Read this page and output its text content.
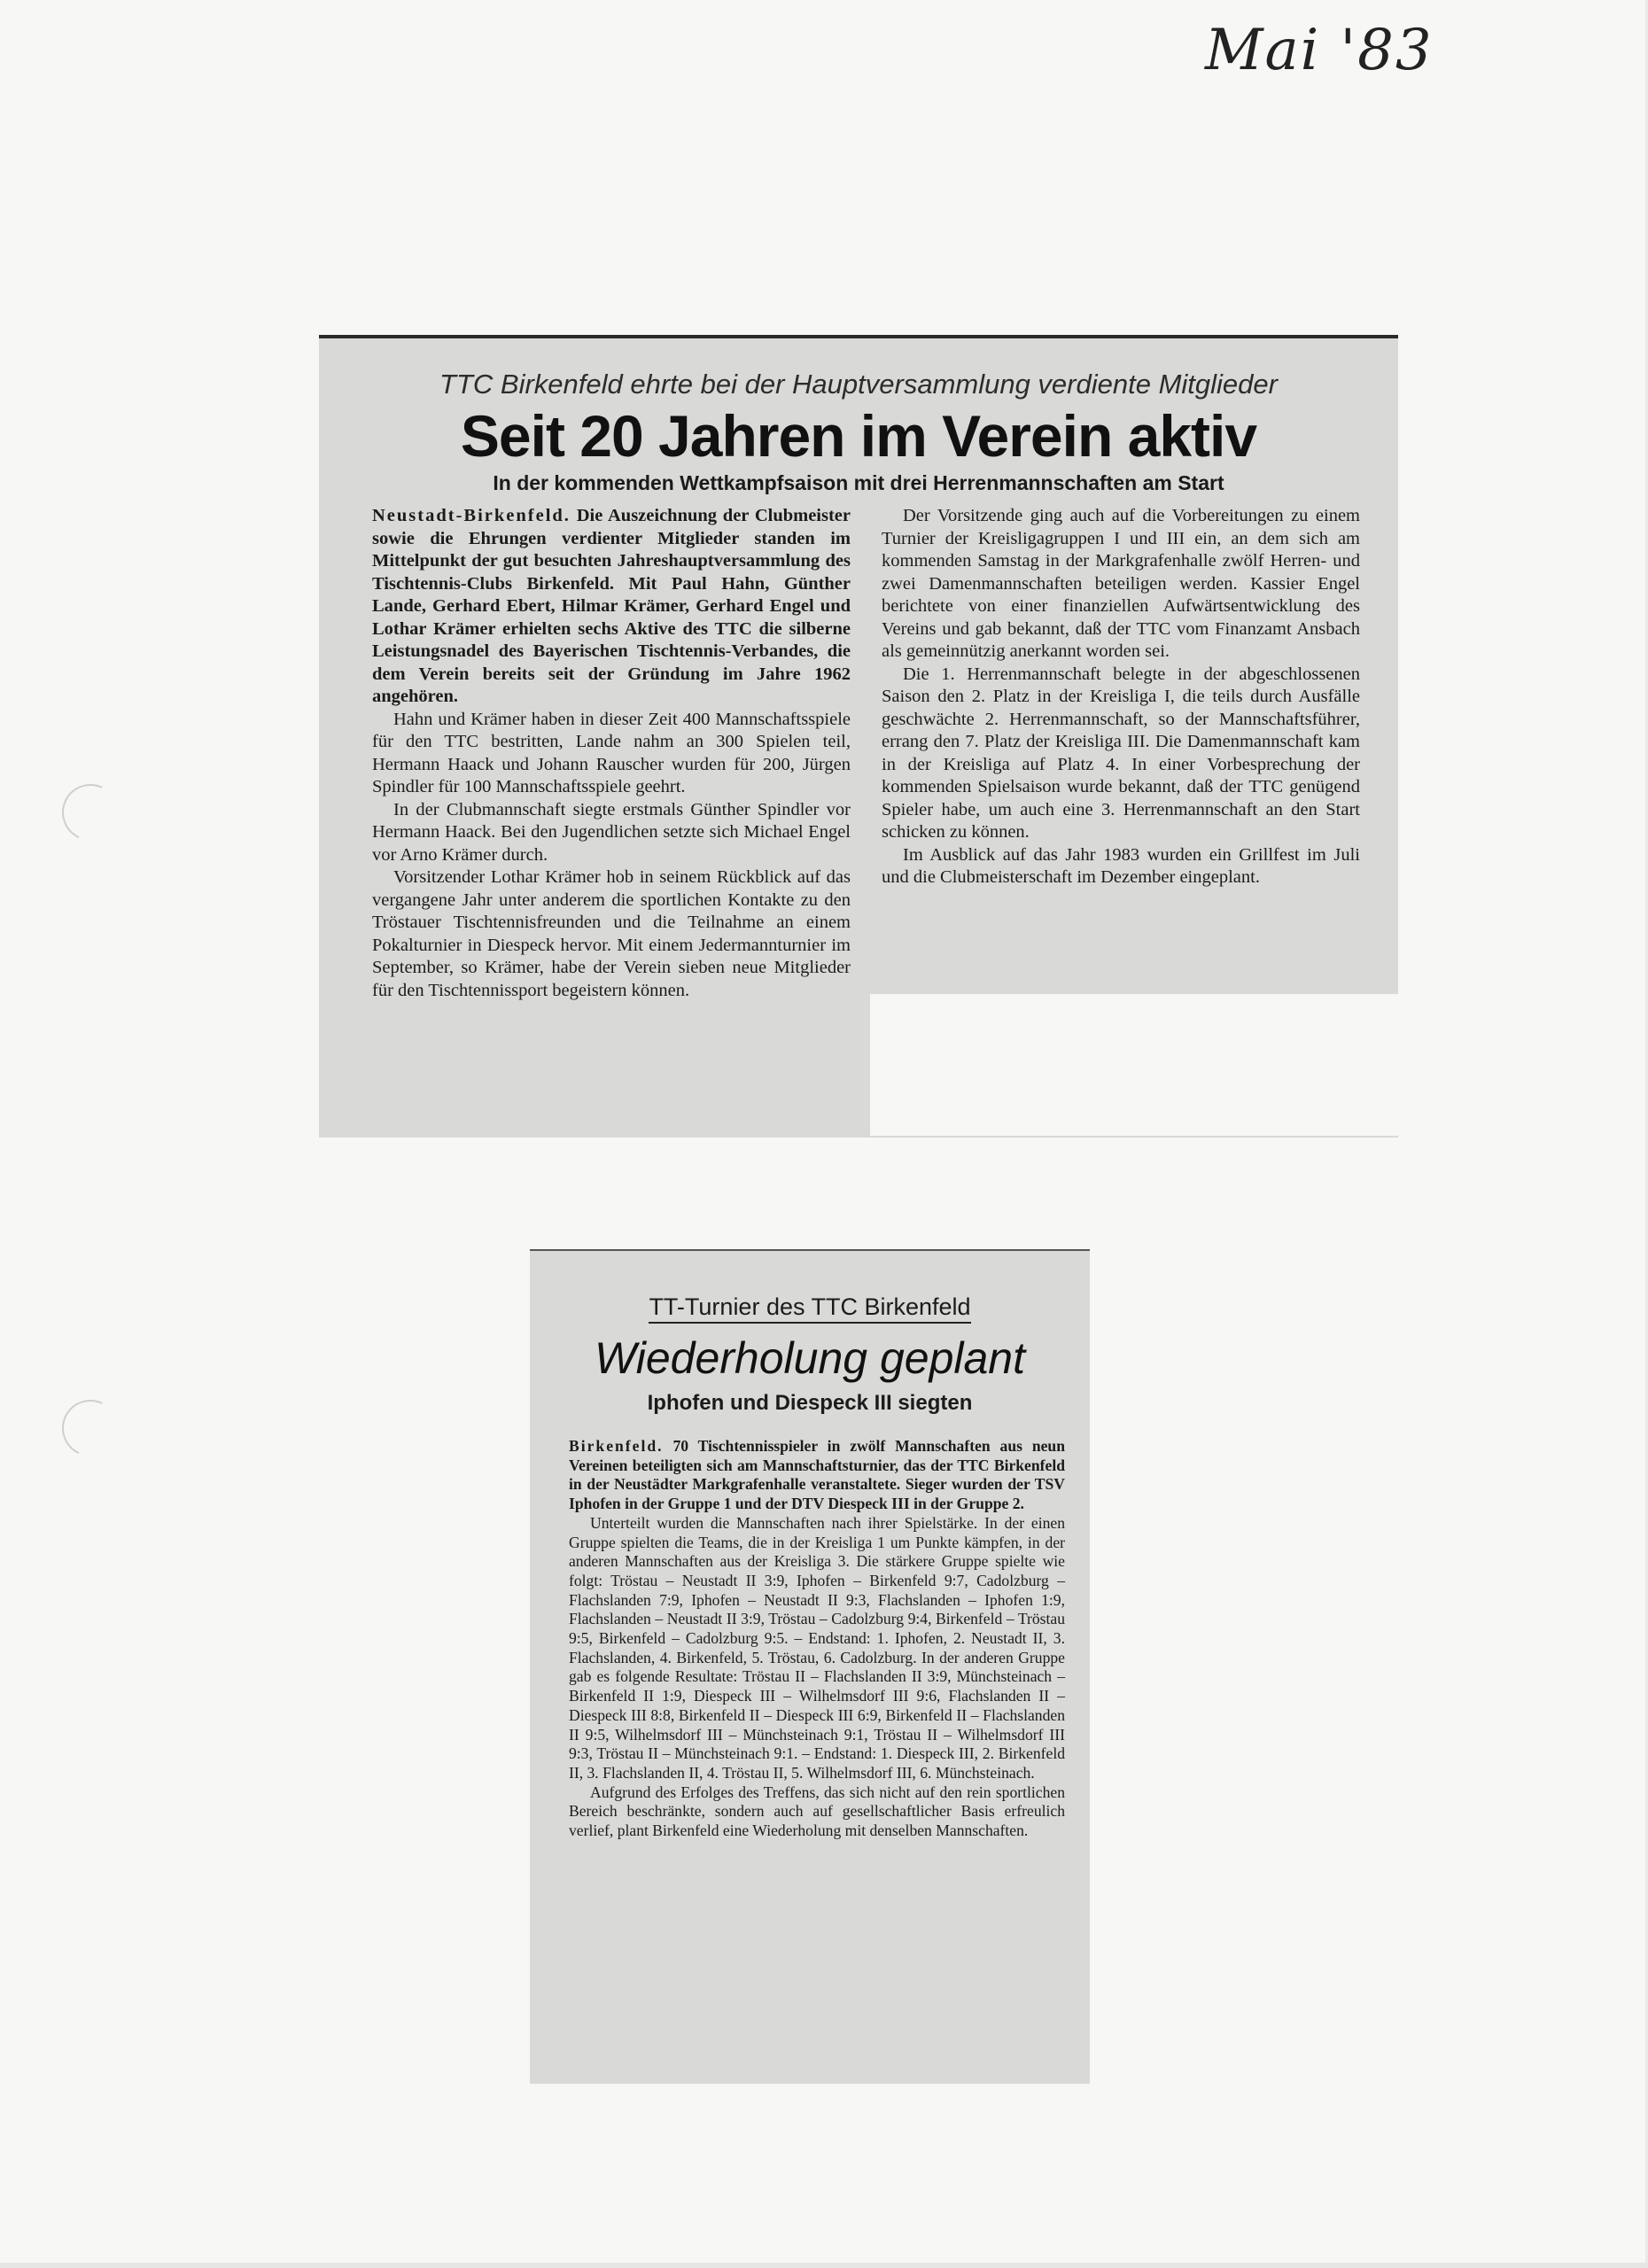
Mai '83
TTC Birkenfeld ehrte bei der Hauptversammlung verdiente Mitglieder
Seit 20 Jahren im Verein aktiv
In der kommenden Wettkampfsaison mit drei Herrenmannschaften am Start

Neustadt-Birkenfeld. Die Auszeichnung der Clubmeister sowie die Ehrungen verdienter Mitglieder standen im Mittelpunkt der gut besuchten Jahreshauptversammlung des Tischtennis-Clubs Birkenfeld. Mit Paul Hahn, Günther Lande, Gerhard Ebert, Hilmar Krämer, Gerhard Engel und Lothar Krämer erhielten sechs Aktive des TTC die silberne Leistungsnadel des Bayerischen Tischtennis-Verbandes, die dem Verein bereits seit der Gründung im Jahre 1962 angehören.

Hahn und Krämer haben in dieser Zeit 400 Mannschaftsspiele für den TTC bestritten, Lande nahm an 300 Spielen teil, Hermann Haack und Johann Rauscher wurden für 200, Jürgen Spindler für 100 Mannschaftsspiele geehrt.

In der Clubmannschaft siegte erstmals Günther Spindler vor Hermann Haack. Bei den Jugendlichen setzte sich Michael Engel vor Arno Krämer durch.

Vorsitzender Lothar Krämer hob in seinem Rückblick auf das vergangene Jahr unter anderem die sportlichen Kontakte zu den Tröstauer Tischtennisfreunden und die Teilnahme an einem Pokalturnier in Diespeck hervor. Mit einem Jedermannturnier im September, so Krämer, habe der Verein sieben neue Mitglieder für den Tischtennissport begeistern können.

Der Vorsitzende ging auch auf die Vorbereitungen zu einem Turnier der Kreisligagruppen I und III ein, an dem sich am kommenden Samstag in der Markgrafenhalle zwölf Herren- und zwei Damenmannschaften beteiligen werden. Kassier Engel berichtete von einer finanziellen Aufwärtsentwicklung des Vereins und gab bekannt, daß der TTC vom Finanzamt Ansbach als gemeinnützig anerkannt worden sei.

Die 1. Herrenmannschaft belegte in der abgeschlossenen Saison den 2. Platz in der Kreisliga I, die teils durch Ausfälle geschwächte 2. Herrenmannschaft, so der Mannschaftsführer, errang den 7. Platz der Kreisliga III. Die Damenmannschaft kam in der Kreisliga auf Platz 4. In einer Vorbesprechung der kommenden Spielsaison wurde bekannt, daß der TTC genügend Spieler habe, um auch eine 3. Herrenmannschaft an den Start schicken zu können.

Im Ausblick auf das Jahr 1983 wurden ein Grillfest im Juli und die Clubmeisterschaft im Dezember eingeplant.

TT-Turnier des TTC Birkenfeld
Wiederholung geplant
Iphofen und Diespeck III siegten

Birkenfeld. 70 Tischtennisspieler in zwölf Mannschaften aus neun Vereinen beteiligten sich am Mannschaftsturnier, das der TTC Birkenfeld in der Neustädter Markgrafenhalle veranstaltete. Sieger wurden der TSV Iphofen in der Gruppe 1 und der DTV Diespeck III in der Gruppe 2.

Unterteilt wurden die Mannschaften nach ihrer Spielstärke. In der einen Gruppe spielten die Teams, die in der Kreisliga 1 um Punkte kämpfen, in der anderen Mannschaften aus der Kreisliga 3. Die stärkere Gruppe spielte wie folgt: Tröstau – Neustadt II 3:9, Iphofen – Birkenfeld 9:7, Cadolzburg – Flachslanden 7:9, Iphofen – Neustadt II 9:3, Flachslanden – Iphofen 1:9, Flachslanden – Neustadt II 3:9, Tröstau – Cadolzburg 9:4, Birkenfeld – Tröstau 9:5, Birkenfeld – Cadolzburg 9:5. – Endstand: 1. Iphofen, 2. Neustadt II, 3. Flachslanden, 4. Birkenfeld, 5. Tröstau, 6. Cadolzburg. In der anderen Gruppe gab es folgende Resultate: Tröstau II – Flachslanden II 3:9, Münchsteinach – Birkenfeld II 1:9, Diespeck III – Wilhelmsdorf III 9:6, Flachslanden II – Diespeck III 8:8, Birkenfeld II – Diespeck III 6:9, Birkenfeld II – Flachslanden II 9:5, Wilhelmsdorf III – Münchsteinach 9:1, Tröstau II – Wilhelmsdorf III 9:3, Tröstau II – Münchsteinach 9:1. – Endstand: 1. Diespeck III, 2. Birkenfeld II, 3. Flachslanden II, 4. Tröstau II, 5. Wilhelmsdorf III, 6. Münchsteinach.

Aufgrund des Erfolges des Treffens, das sich nicht auf den rein sportlichen Bereich beschränkte, sondern auch auf gesellschaftlicher Basis erfreulich verlief, plant Birkenfeld eine Wiederholung mit denselben Mannschaften.
